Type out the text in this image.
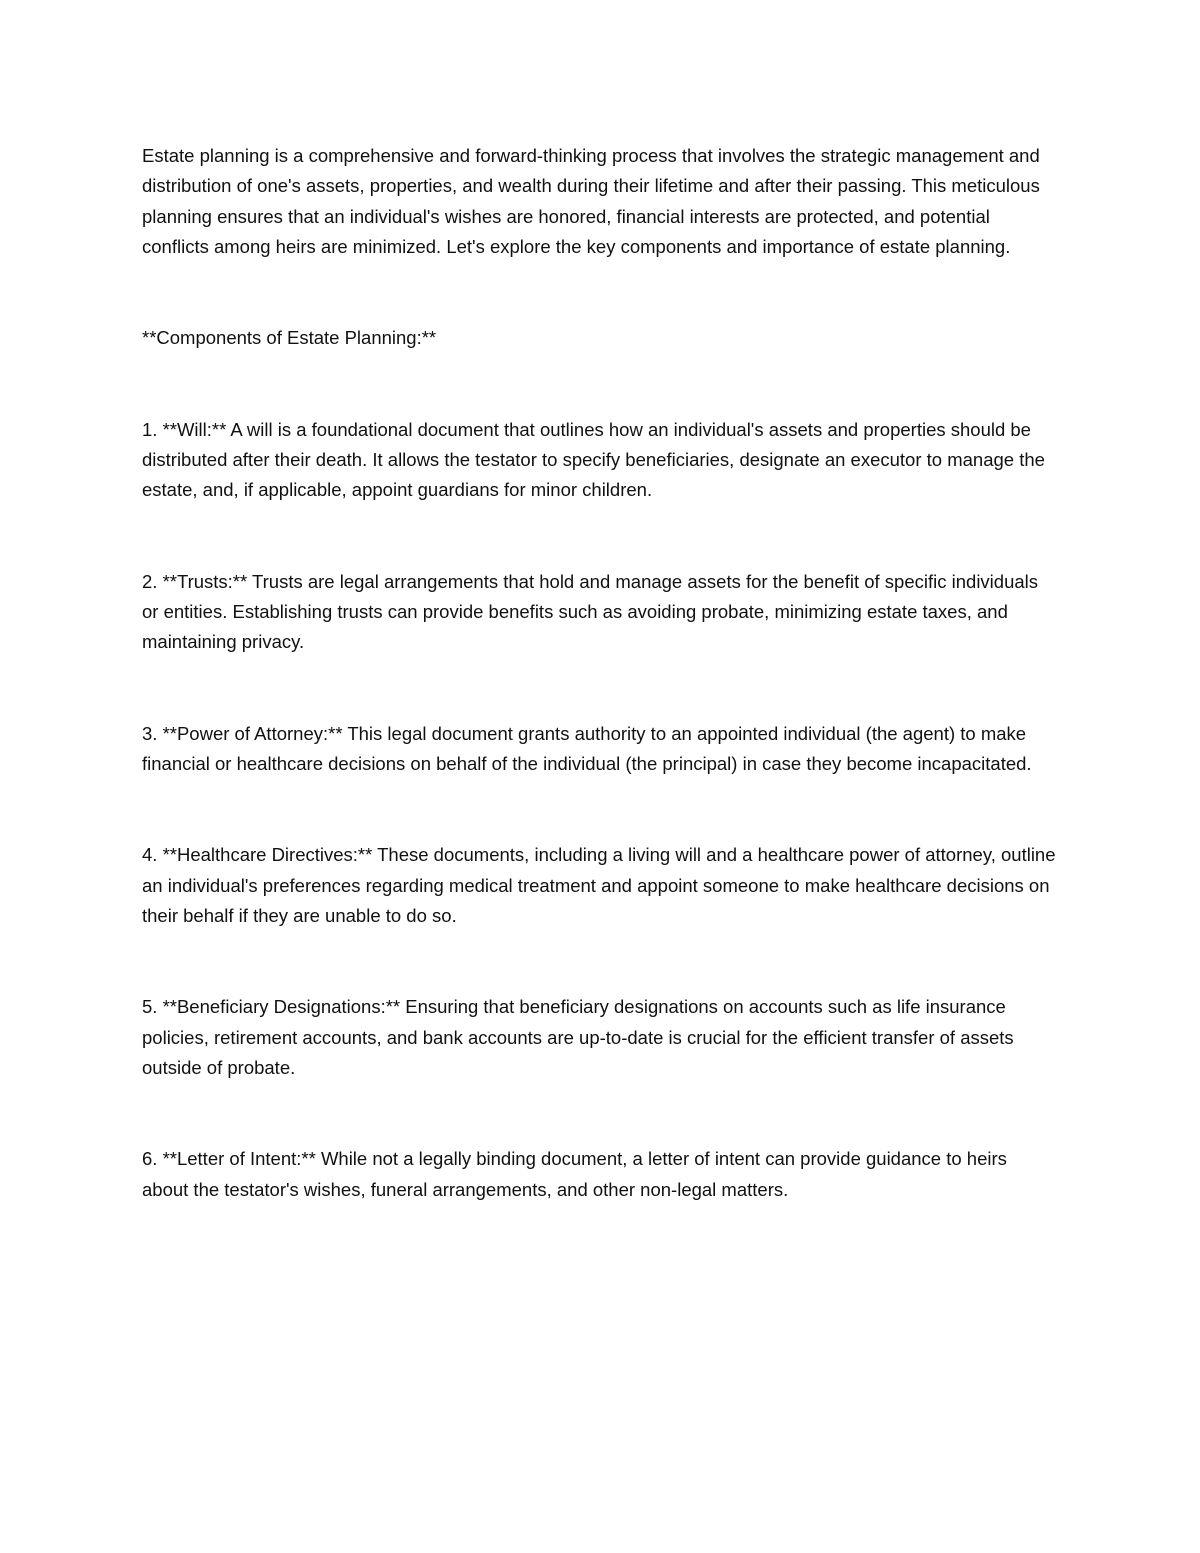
Estate planning is a comprehensive and forward-thinking process that involves the strategic management and distribution of one's assets, properties, and wealth during their lifetime and after their passing. This meticulous planning ensures that an individual's wishes are honored, financial interests are protected, and potential conflicts among heirs are minimized. Let's explore the key components and importance of estate planning.

**Components of Estate Planning:**

1. **Will:** A will is a foundational document that outlines how an individual's assets and properties should be distributed after their death. It allows the testator to specify beneficiaries, designate an executor to manage the estate, and, if applicable, appoint guardians for minor children.

2. **Trusts:** Trusts are legal arrangements that hold and manage assets for the benefit of specific individuals or entities. Establishing trusts can provide benefits such as avoiding probate, minimizing estate taxes, and maintaining privacy.

3. **Power of Attorney:** This legal document grants authority to an appointed individual (the agent) to make financial or healthcare decisions on behalf of the individual (the principal) in case they become incapacitated.

4. **Healthcare Directives:** These documents, including a living will and a healthcare power of attorney, outline an individual's preferences regarding medical treatment and appoint someone to make healthcare decisions on their behalf if they are unable to do so.

5. **Beneficiary Designations:** Ensuring that beneficiary designations on accounts such as life insurance policies, retirement accounts, and bank accounts are up-to-date is crucial for the efficient transfer of assets outside of probate.

6. **Letter of Intent:** While not a legally binding document, a letter of intent can provide guidance to heirs about the testator's wishes, funeral arrangements, and other non-legal matters.
